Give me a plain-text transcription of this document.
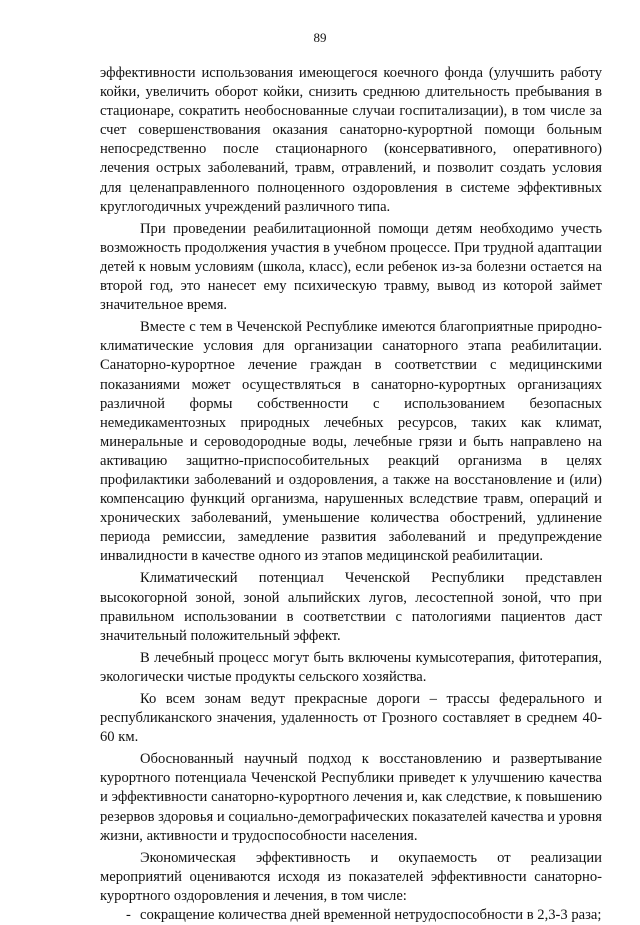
89

эффективности использования имеющегося коечного фонда (улучшить работу койки, увеличить оборот койки, снизить среднюю длительность пребывания в стационаре, сократить необоснованные случаи госпитализации), в том числе за счет совершенствования оказания санаторно-курортной помощи больным непосредственно после стационарного (консервативного, оперативного) лечения острых заболеваний, травм, отравлений, и позволит создать условия для целенаправленного полноценного оздоровления в системе эффективных круглогодичных учреждений различного типа.

При проведении реабилитационной помощи детям необходимо учесть возможность продолжения участия в учебном процессе. При трудной адаптации детей к новым условиям (школа, класс), если ребенок из-за болезни остается на второй год, это нанесет ему психическую травму, вывод из которой займет значительное время.

Вместе с тем в Чеченской Республике имеются благоприятные природно-климатические условия для организации санаторного этапа реабилитации. Санаторно-курортное лечение граждан в соответствии с медицинскими показаниями может осуществляться в санаторно-курортных организациях различной формы собственности с использованием безопасных немедикаментозных природных лечебных ресурсов, таких как климат, минеральные и сероводородные воды, лечебные грязи и быть направлено на активацию защитно-приспособительных реакций организма в целях профилактики заболеваний и оздоровления, а также на восстановление и (или) компенсацию функций организма, нарушенных вследствие травм, операций и хронических заболеваний, уменьшение количества обострений, удлинение периода ремиссии, замедление развития заболеваний и предупреждение инвалидности в качестве одного из этапов медицинской реабилитации.

Климатический потенциал Чеченской Республики представлен высокогорной зоной, зоной альпийских лугов, лесостепной зоной, что при правильном использовании в соответствии с патологиями пациентов даст значительный положительный эффект.

В лечебный процесс могут быть включены кумысотерапия, фитотерапия, экологически чистые продукты сельского хозяйства.

Ко всем зонам ведут прекрасные дороги – трассы федерального и республиканского значения, удаленность от Грозного составляет в среднем 40-60 км.

Обоснованный научный подход к восстановлению и развертывание курортного потенциала Чеченской Республики приведет к улучшению качества и эффективности санаторно-курортного лечения и, как следствие, к повышению резервов здоровья и социально-демографических показателей качества и уровня жизни, активности и трудоспособности населения.

Экономическая эффективность и окупаемость от реализации мероприятий оцениваются исходя из показателей эффективности санаторно-курортного оздоровления и лечения, в том числе:

- сокращение количества дней временной нетрудоспособности в 2,3-3 раза;
